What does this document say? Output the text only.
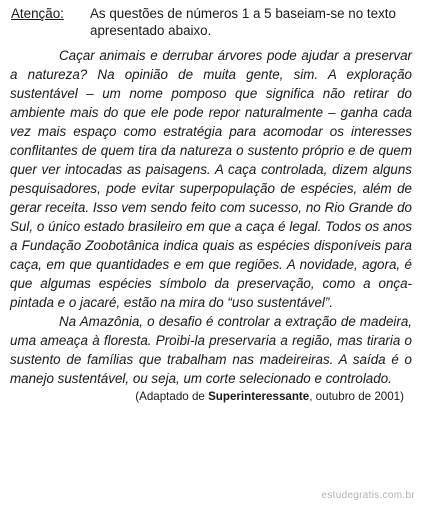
Atenção:	As questões de números 1 a 5 baseiam-se no texto apresentado abaixo.

Caçar animais e derrubar árvores pode ajudar a preservar a natureza? Na opinião de muita gente, sim. A exploração sustentável – um nome pomposo que significa não retirar do ambiente mais do que ele pode repor naturalmente – ganha cada vez mais espaço como estratégia para acomodar os interesses conflitantes de quem tira da natureza o sustento próprio e de quem quer ver intocadas as paisagens. A caça controlada, dizem alguns pesquisadores, pode evitar superpopulação de espécies, além de gerar receita. Isso vem sendo feito com sucesso, no Rio Grande do Sul, o único estado brasileiro em que a caça é legal. Todos os anos a Fundação Zoobotânica indica quais as espécies disponíveis para caça, em que quantidades e em que regiões. A novidade, agora, é que algumas espécies símbolo da preservação, como a onça-pintada e o jacaré, estão na mira do “uso sustentável”.

Na Amazônia, o desafio é controlar a extração de madeira, uma ameaça à floresta. Proibi-la preservaria a região, mas tiraria o sustento de famílias que trabalham nas madeireiras. A saída é o manejo sustentável, ou seja, um corte selecionado e controlado.

(Adaptado de Superinteressante, outubro de 2001)
estudegratis.com.br
